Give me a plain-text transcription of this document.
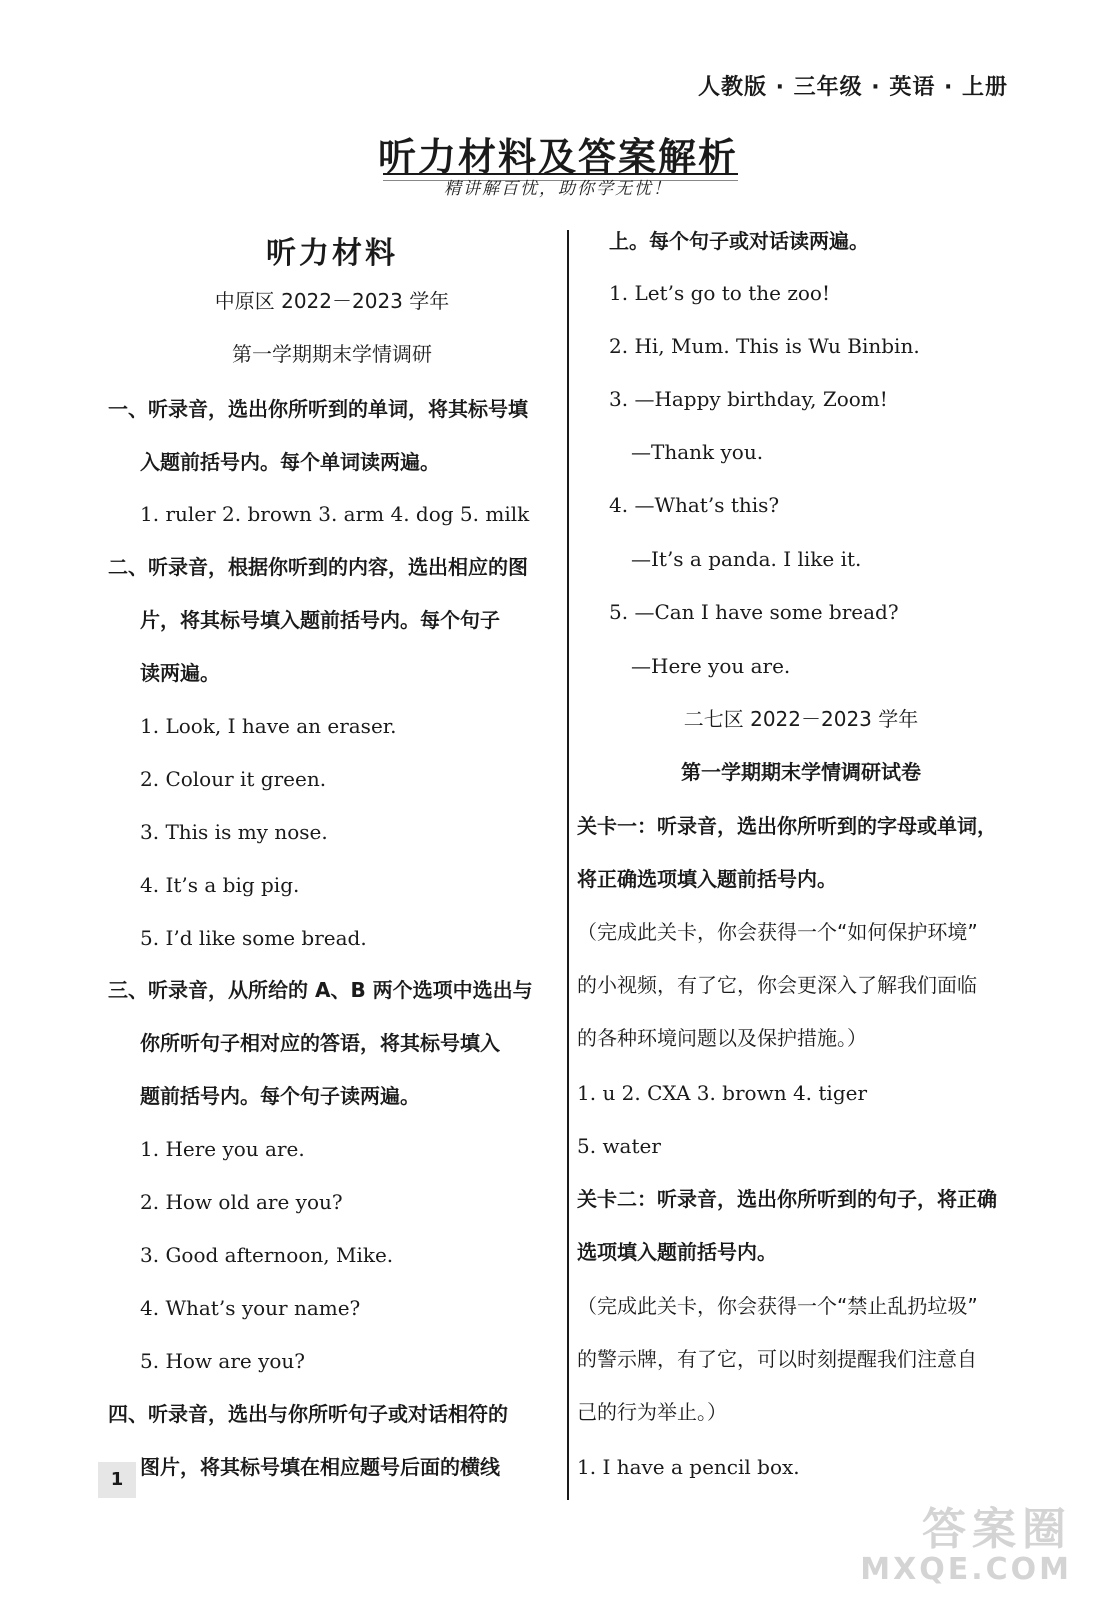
人教版 · 三年级 · 英语 · 上册
听力材料及答案解析
精讲解百忧，助你学无忧！
听力材料
中原区 2022－2023 学年
第一学期期末学情调研
一、听录音，选出你所听到的单词，将其标号填
入题前括号内。每个单词读两遍。
1. ruler 2. brown 3. arm 4. dog 5. milk
二、听录音，根据你听到的内容，选出相应的图
片，将其标号填入题前括号内。每个句子
读两遍。
1. Look, I have an eraser.
2. Colour it green.
3. This is my nose.
4. It’s a big pig.
5. I’d like some bread.
三、听录音，从所给的 A、B 两个选项中选出与
你所听句子相对应的答语，将其标号填入
题前括号内。每个句子读两遍。
1. Here you are.
2. How old are you?
3. Good afternoon, Mike.
4. What’s your name?
5. How are you?
四、听录音，选出与你所听句子或对话相符的
图片，将其标号填在相应题号后面的横线
上。每个句子或对话读两遍。
1. Let’s go to the zoo!
2. Hi, Mum. This is Wu Binbin.
3. —Happy birthday, Zoom!
—Thank you.
4. —What’s this?
—It’s a panda. I like it.
5. —Can I have some bread?
—Here you are.
二七区 2022－2023 学年
第一学期期末学情调研试卷
关卡一：听录音，选出你所听到的字母或单词，
将正确选项填入题前括号内。
（完成此关卡，你会获得一个“如何保护环境”
的小视频，有了它，你会更深入了解我们面临
的各种环境问题以及保护措施。）
1. u 2. CXA 3. brown 4. tiger
5. water
关卡二：听录音，选出你所听到的句子，将正确
选项填入题前括号内。
（完成此关卡，你会获得一个“禁止乱扔垃圾”
的警示牌，有了它，可以时刻提醒我们注意自
己的行为举止。）
1. I have a pencil box.
1
答案圈
MXQE.COM
